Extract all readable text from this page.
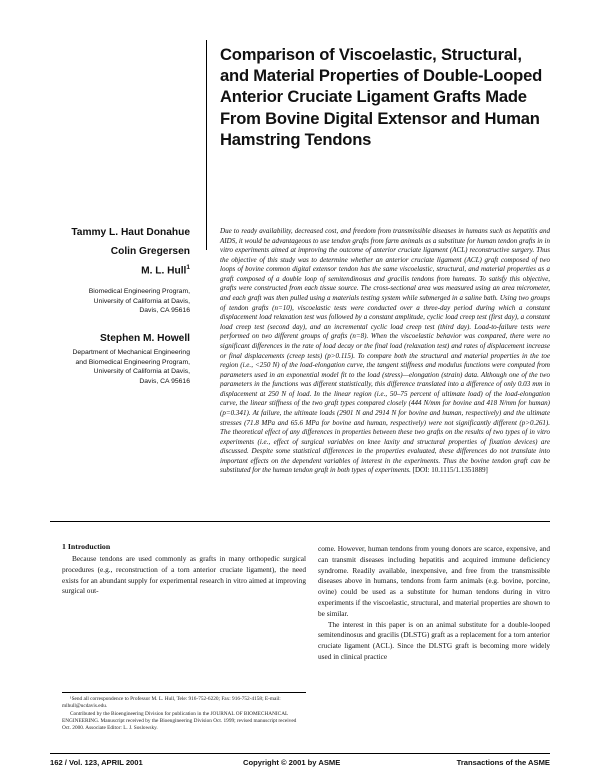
Comparison of Viscoelastic, Structural, and Material Properties of Double-Looped Anterior Cruciate Ligament Grafts Made From Bovine Digital Extensor and Human Hamstring Tendons
Tammy L. Haut Donahue
Colin Gregersen
M. L. Hull$^1$
Biomedical Engineering Program,
University of California at Davis,
Davis, CA 95616
Stephen M. Howell
Department of Mechanical Engineering
and Biomedical Engineering Program,
University of California at Davis,
Davis, CA 95616
Due to ready availability, decreased cost, and freedom from transmissible diseases in humans such as hepatitis and AIDS, it would be advantageous to use tendon grafts from farm animals as a substitute for human tendon grafts in in vitro experiments aimed at improving the outcome of anterior cruciate ligament (ACL) reconstructive surgery. Thus the objective of this study was to determine whether an anterior cruciate ligament (ACL) graft composed of two loops of bovine common digital extensor tendon has the same viscoelastic, structural, and material properties as a graft composed of a double loop of semitendinosus and gracilis tendons from humans. To satisfy this objective, grafts were constructed from each tissue source. The cross-sectional area was measured using an area micrometer, and each graft was then pulled using a materials testing system while submerged in a saline bath. Using two groups of tendon grafts (n=10), viscoelastic tests were conducted over a three-day period during which a constant displacement load relaxation test was followed by a constant amplitude, cyclic load creep test (first day), a constant load creep test (second day), and an incremental cyclic load creep test (third day). Load-to-failure tests were performed on two different groups of grafts (n=8). When the viscoelastic behavior was compared, there were no significant differences in the rate of load decay or the final load (relaxation test) and rates of displacement increase or final displacements (creep tests) (p>0.115). To compare both the structural and material properties in the toe region (i.e., <250 N) of the load-elongation curve, the tangent stiffness and modulus functions were computed from parameters used in an exponential model fit to the load (stress)—elongation (strain) data. Although one of the two parameters in the functions was different statistically, this difference translated into a difference of only 0.03 mm in displacement at 250 N of load. In the linear region (i.e., 50–75 percent of ultimate load) of the load-elongation curve, the linear stiffness of the two graft types compared closely (444 N/mm for bovine and 418 N/mm for human) (p=0.341). At failure, the ultimate loads (2901 N and 2914 N for bovine and human, respectively) and the ultimate stresses (71.8 MPa and 65.6 MPa for bovine and human, respectively) were not significantly different (p>0.261). The theoretical effect of any differences in properties between these two grafts on the results of two types of in vitro experiments (i.e., effect of surgical variables on knee laxity and structural properties of fixation devices) are discussed. Despite some statistical differences in the properties evaluated, these differences do not translate into important effects on the dependent variables of interest in the experiments. Thus the bovine tendon graft can be substituted for the human tendon graft in both types of experiments. [DOI: 10.1115/1.1351889]
1 Introduction

Because tendons are used commonly as grafts in many orthopedic surgical procedures (e.g., reconstruction of a torn anterior cruciate ligament), the need exists for an abundant supply for experimental research in vitro aimed at improving surgical out-

¹Send all correspondence to Professor M. L. Hull, Tele: 916-752-6220; Fax: 916-752-4158; E-mail: mlhull@ucdavis.edu.

Contributed by the Bioengineering Division for publication in the JOURNAL OF BIOMECHANICAL ENGINEERING. Manuscript received by the Bioengineering Division Oct. 1999; revised manuscript received Oct. 2000. Associate Editor: L. J. Soslowsky.

come. However, human tendons from young donors are scarce, expensive, and can transmit diseases including hepatitis and acquired immune deficiency syndrome. Readily available, inexpensive, and free from the transmissible diseases above in humans, tendons from farm animals (e.g. bovine, porcine, ovine) could be used as a substitute for human tendons during in vitro experiments if the viscoelastic, structural, and material properties are shown to be similar.

The interest in this paper is on an animal substitute for a double-looped semitendinosus and gracilis (DLSTG) graft as a replacement for a torn anterior cruciate ligament (ACL). Since the DLSTG graft is becoming more widely used in clinical practice

162 / Vol. 123, APRIL 2001	Copyright © 2001 by ASME	Transactions of the ASME
